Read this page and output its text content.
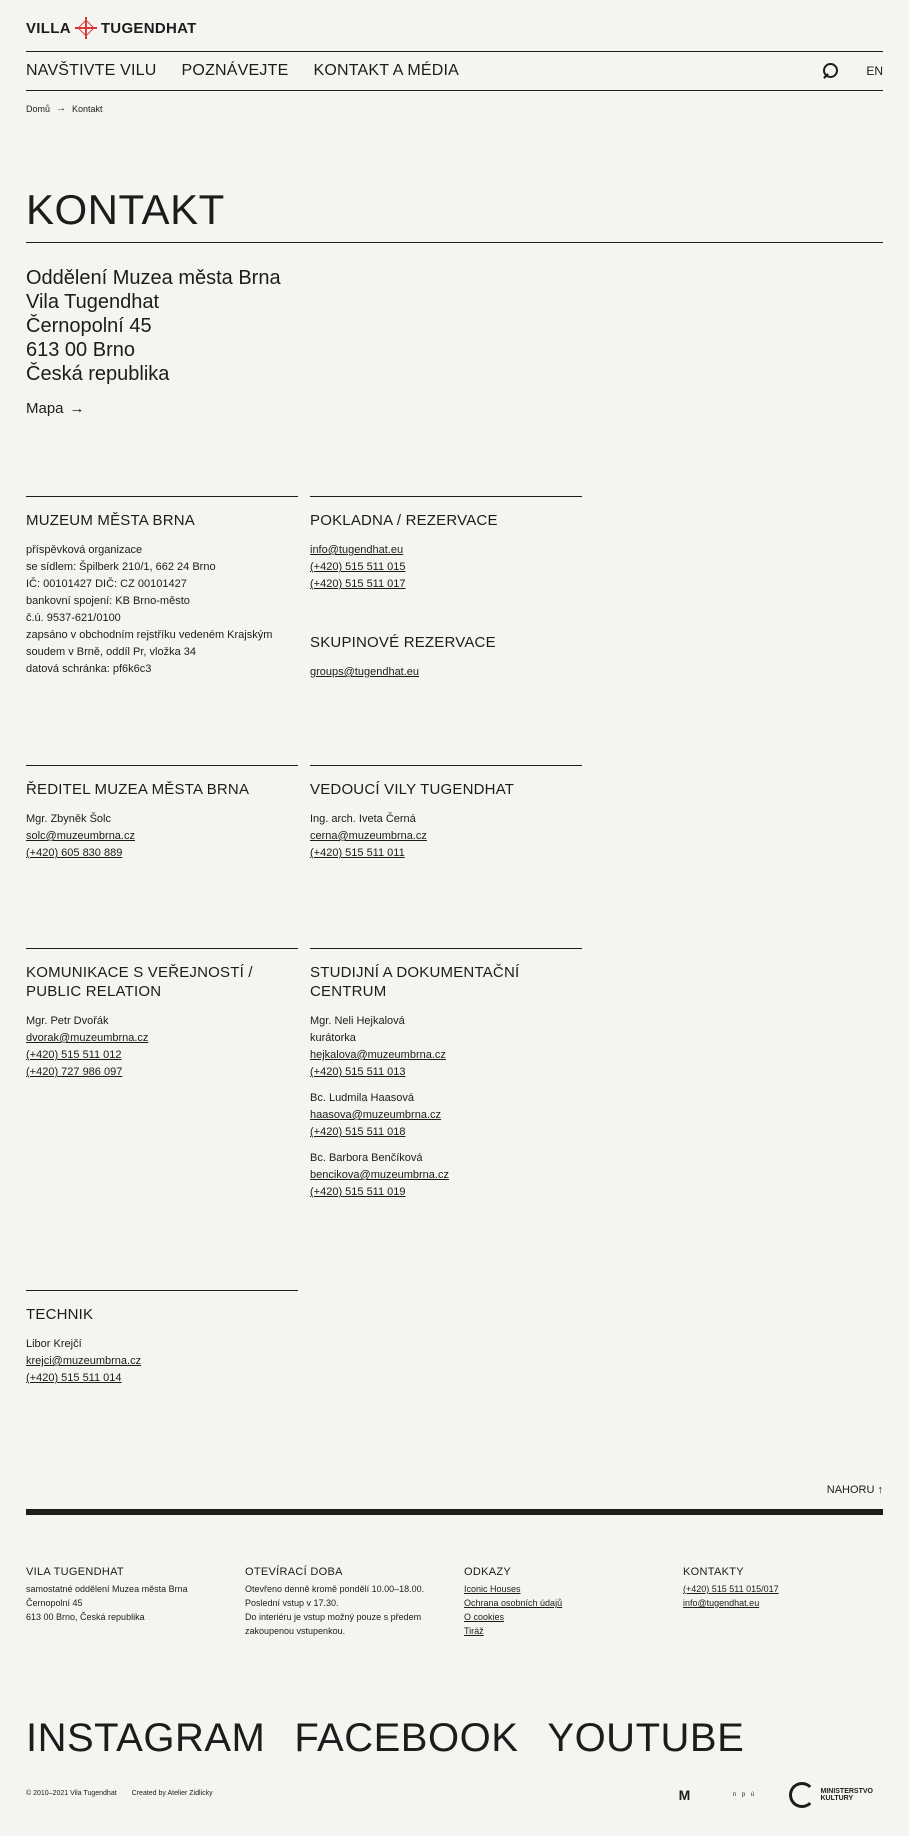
VILLA TUGENDHAT
NAVŠTIVTE VILU POZNÁVEJTE KONTAKT A MÉDIA	EN
Domů → Kontakt
KONTAKT
Oddělení Muzea města Brna
Vila Tugendhat
Černopolní 45
613 00 Brno
Česká republika
Mapa →
MUZEUM MĚSTA BRNA
příspěvková organizace
se sídlem: Špilberk 210/1, 662 24 Brno
IČ: 00101427 DIČ: CZ 00101427
bankovní spojení: KB Brno-město
č.ú. 9537-621/0100
zapsáno v obchodním rejstříku vedeném Krajským
soudem v Brně, oddíl Pr, vložka 34
datová schránka: pf6k6c3
POKLADNA / REZERVACE
info@tugendhat.eu
(+420) 515 511 015
(+420) 515 511 017
SKUPINOVÉ REZERVACE
groups@tugendhat.eu
ŘEDITEL MUZEA MĚSTA BRNA
Mgr. Zbyněk Šolc
solc@muzeumbrna.cz
(+420) 605 830 889
VEDOUCÍ VILY TUGENDHAT
Ing. arch. Iveta Černá
cerna@muzeumbrna.cz
(+420) 515 511 011
KOMUNIKACE S VEŘEJNOSTÍ /
PUBLIC RELATION
Mgr. Petr Dvořák
dvorak@muzeumbrna.cz
(+420) 515 511 012
(+420) 727 986 097
STUDIJNÍ A DOKUMENTAČNÍ
CENTRUM
Mgr. Neli Hejkalová
kurátorka
hejkalova@muzeumbrna.cz
(+420) 515 511 013
Bc. Ludmila Haasová
haasova@muzeumbrna.cz
(+420) 515 511 018
Bc. Barbora Benčíková
bencikova@muzeumbrna.cz
(+420) 515 511 019
TECHNIK
Libor Krejčí
krejci@muzeumbrna.cz
(+420) 515 511 014
NAHORU ↑
VILA TUGENDHAT
samostatné oddělení Muzea města Brna
Černopolní 45
613 00 Brno, Česká republika
OTEVÍRACÍ DOBA
Otevřeno denně kromě pondělí 10.00–18.00.
Poslední vstup v 17.30.
Do interiéru je vstup možný pouze s předem
zakoupenou vstupenkou.
ODKAZY
Iconic Houses
Ochrana osobních údajů
O cookies
Tiráž
KONTAKTY
(+420) 515 511 015/017
info@tugendhat.eu
INSTAGRAM FACEBOOK YOUTUBE
© 2010–2021 Vila Tugendhat Created by Atelier Zidlicky	M	n p ú	MINISTERSTVO
KULTURY
